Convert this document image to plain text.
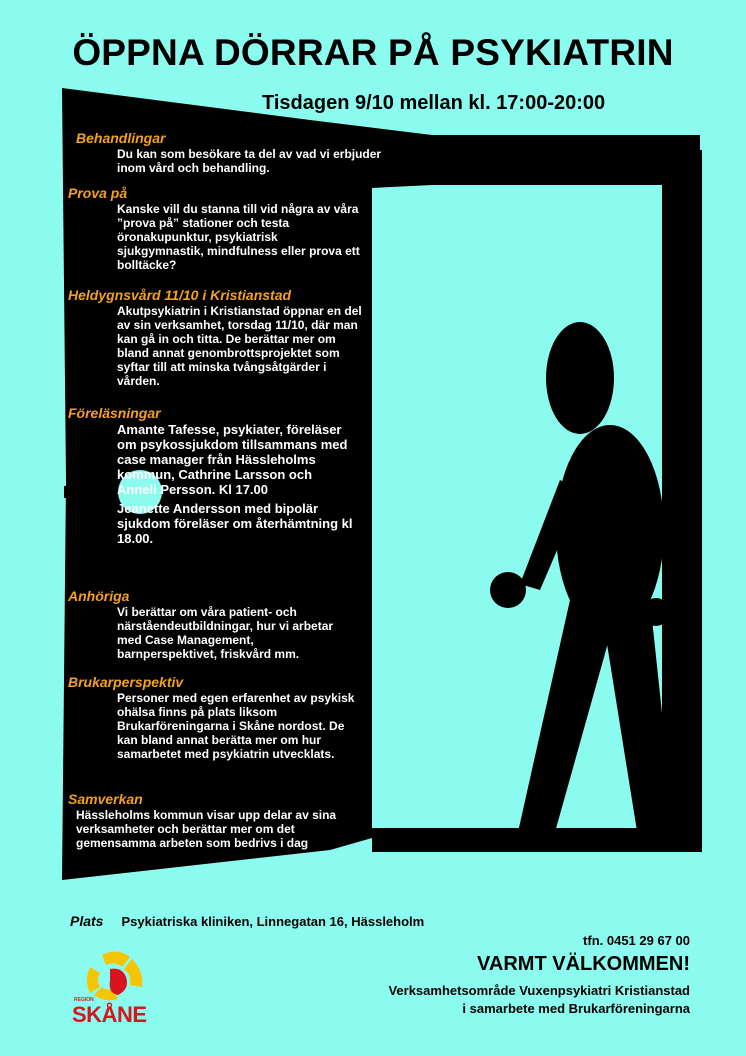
ÖPPNA DÖRRAR PÅ PSYKIATRIN
Tisdagen 9/10 mellan kl. 17:00-20:00
Behandlingar

Du kan som besökare ta del av vad vi erbjuder inom vård och behandling.

Prova på

Kanske vill du stanna till vid några av våra ”prova på” stationer och testa öronakupunktur, psykiatrisk sjukgymnastik, mindfulness eller prova ett bolltäcke?

Heldygnsvård 11/10 i Kristianstad

Akutpsykiatrin i Kristianstad öppnar en del av sin verksamhet, torsdag 11/10, där man kan gå in och titta. De berättar mer om bland annat genombrottsprojektet som syftar till att minska tvångsåtgärder i vården.

Föreläsningar

Amante Tafesse, psykiater, föreläser om psykossjukdom tillsammans med case manager från Hässleholms kommun, Cathrine Larsson och Anneli Persson. Kl 17.00

Jeanette Andersson med bipolär sjukdom föreläser om återhämtning kl 18.00.

Anhöriga

Vi berättar om våra patient- och närståendeutbildningar, hur vi arbetar med Case Management, barnperspektivet, friskvård mm.

Brukarperspektiv

Personer med egen erfarenhet av psykisk ohälsa finns på plats liksom Brukarföreningarna i Skåne nordost. De kan bland annat berätta mer om hur samarbetet med psykiatrin utvecklats.

Samverkan

Hässleholms kommun visar upp delar av sina verksamheter och berättar mer om det gemensamma arbeten som bedrivs i dag

Plats Psykiatriska kliniken, Linnegatan 16, Hässleholm
tfn. 0451 29 67 00
VARMT VÄLKOMMEN!
Verksamhetsområde Vuxenpsykiatri Kristianstad
i samarbete med Brukarföreningarna
REGION
SKÅNE
